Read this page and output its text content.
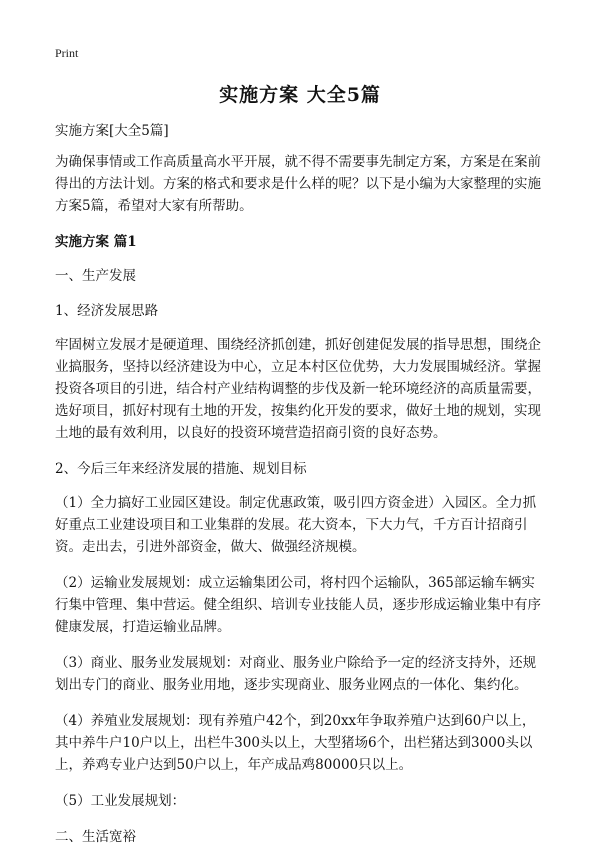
Print
实施方案 大全5篇

实施方案[大全5篇]

为确保事情或工作高质量高水平开展，就不得不需要事先制定方案，方案是在案前得出的方法计划。方案的格式和要求是什么样的呢？以下是小编为大家整理的实施方案5篇，希望对大家有所帮助。

实施方案 篇1

一、生产发展

1、经济发展思路

牢固树立发展才是硬道理、围绕经济抓创建，抓好创建促发展的指导思想，围绕企业搞服务，坚持以经济建设为中心，立足本村区位优势，大力发展围城经济。掌握投资各项目的引进，结合村产业结构调整的步伐及新一轮环境经济的高质量需要，选好项目，抓好村现有土地的开发，按集约化开发的要求，做好土地的规划，实现土地的最有效利用，以良好的投资环境营造招商引资的良好态势。

2、今后三年来经济发展的措施、规划目标

（1）全力搞好工业园区建设。制定优惠政策，吸引四方资金进）入园区。全力抓好重点工业建设项目和工业集群的发展。花大资本，下大力气，千方百计招商引资。走出去，引进外部资金，做大、做强经济规模。

（2）运输业发展规划：成立运输集团公司，将村四个运输队，365部运输车辆实行集中管理、集中营运。健全组织、培训专业技能人员，逐步形成运输业集中有序健康发展，打造运输业品牌。

（3）商业、服务业发展规划：对商业、服务业户除给予一定的经济支持外，还规划出专门的商业、服务业用地，逐步实现商业、服务业网点的一体化、集约化。

（4）养殖业发展规划：现有养殖户42个，到20xx年争取养殖户达到60户以上，其中养牛户10户以上，出栏牛300头以上，大型猪场6个，出栏猪达到3000头以上，养鸡专业户达到50户以上，年产成品鸡80000只以上。

（5）工业发展规划：

二、生活宽裕
